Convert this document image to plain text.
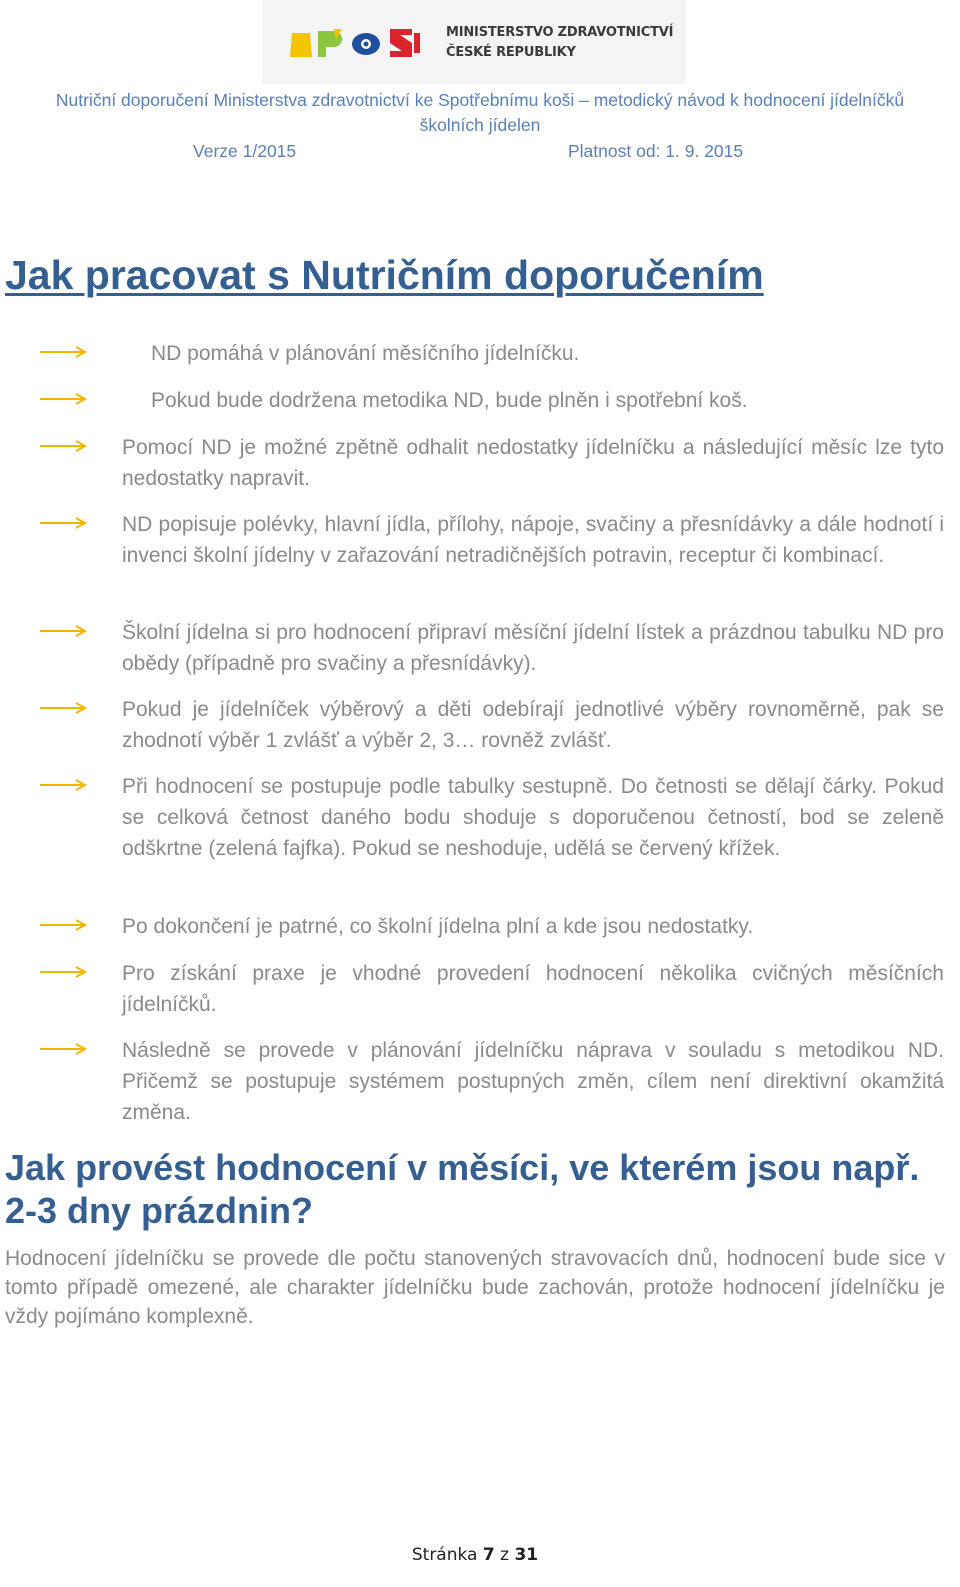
MINISTERSTVO ZDRAVOTNICTVÍ
ČESKÉ REPUBLIKY
Nutriční doporučení Ministerstva zdravotnictví ke Spotřebnímu koši – metodický návod k hodnocení jídelníčků
školních jídelen
Verze 1/2015	Platnost od: 1. 9. 2015
Jak pracovat s Nutričním doporučením

ND pomáhá v plánování měsíčního jídelníčku.

Pokud bude dodržena metodika ND, bude plněn i spotřební koš.

Pomocí ND je možné zpětně odhalit nedostatky jídelníčku a následující měsíc lze tyto nedostatky napravit.

ND popisuje polévky, hlavní jídla, přílohy, nápoje, svačiny a přesnídávky a dále hodnotí i invenci školní jídelny v zařazování netradičnějších potravin, receptur či kombinací.

Školní jídelna si pro hodnocení připraví měsíční jídelní lístek a prázdnou tabulku ND pro obědy (případně pro svačiny a přesnídávky).

Pokud je jídelníček výběrový a děti odebírají jednotlivé výběry rovnoměrně, pak se zhodnotí výběr 1 zvlášť a výběr 2, 3… rovněž zvlášť.

Při hodnocení se postupuje podle tabulky sestupně. Do četnosti se dělají čárky. Pokud se celková četnost daného bodu shoduje s doporučenou četností, bod se zeleně odškrtne (zelená fajfka). Pokud se neshoduje, udělá se červený křížek.

Po dokončení je patrné, co školní jídelna plní a kde jsou nedostatky.

Pro získání praxe je vhodné provedení hodnocení několika cvičných měsíčních jídelníčků.

Následně se provede v plánování jídelníčku náprava v souladu s metodikou ND. Přičemž se postupuje systémem postupných změn, cílem není direktivní okamžitá změna.

Jak provést hodnocení v měsíci, ve kterém jsou např. 2-3 dny prázdnin?

Hodnocení jídelníčku se provede dle počtu stanovených stravovacích dnů, hodnocení bude sice v tomto případě omezené, ale charakter jídelníčku bude zachován, protože hodnocení jídelníčku je vždy pojímáno komplexně.

Stránka 7 z 31
